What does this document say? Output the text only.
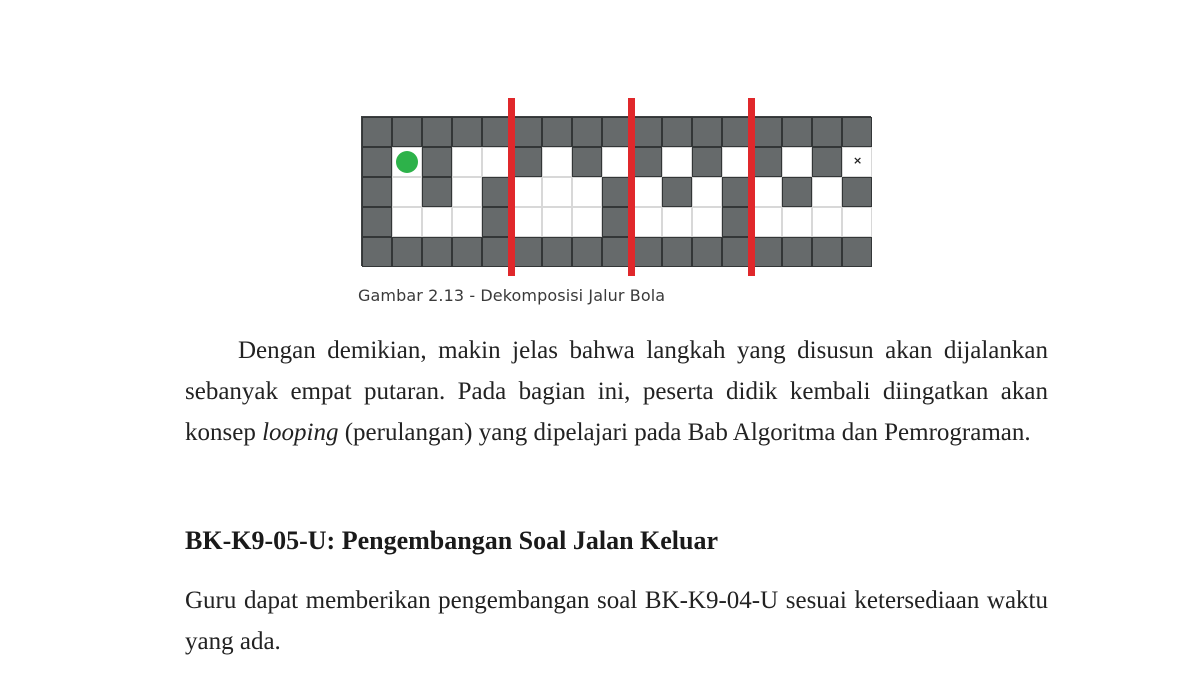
×
Gambar 2.13 - Dekomposisi Jalur Bola

Dengan demikian, makin jelas bahwa langkah yang disusun akan dijalankan sebanyak empat putaran. Pada bagian ini, peserta didik kembali diingatkan akan konsep looping (perulangan) yang dipelajari pada Bab Algoritma dan Pemrograman.

BK-K9-05-U: Pengembangan Soal Jalan Keluar

Guru dapat memberikan pengembangan soal BK-K9-04-U sesuai ketersediaan waktu yang ada.
